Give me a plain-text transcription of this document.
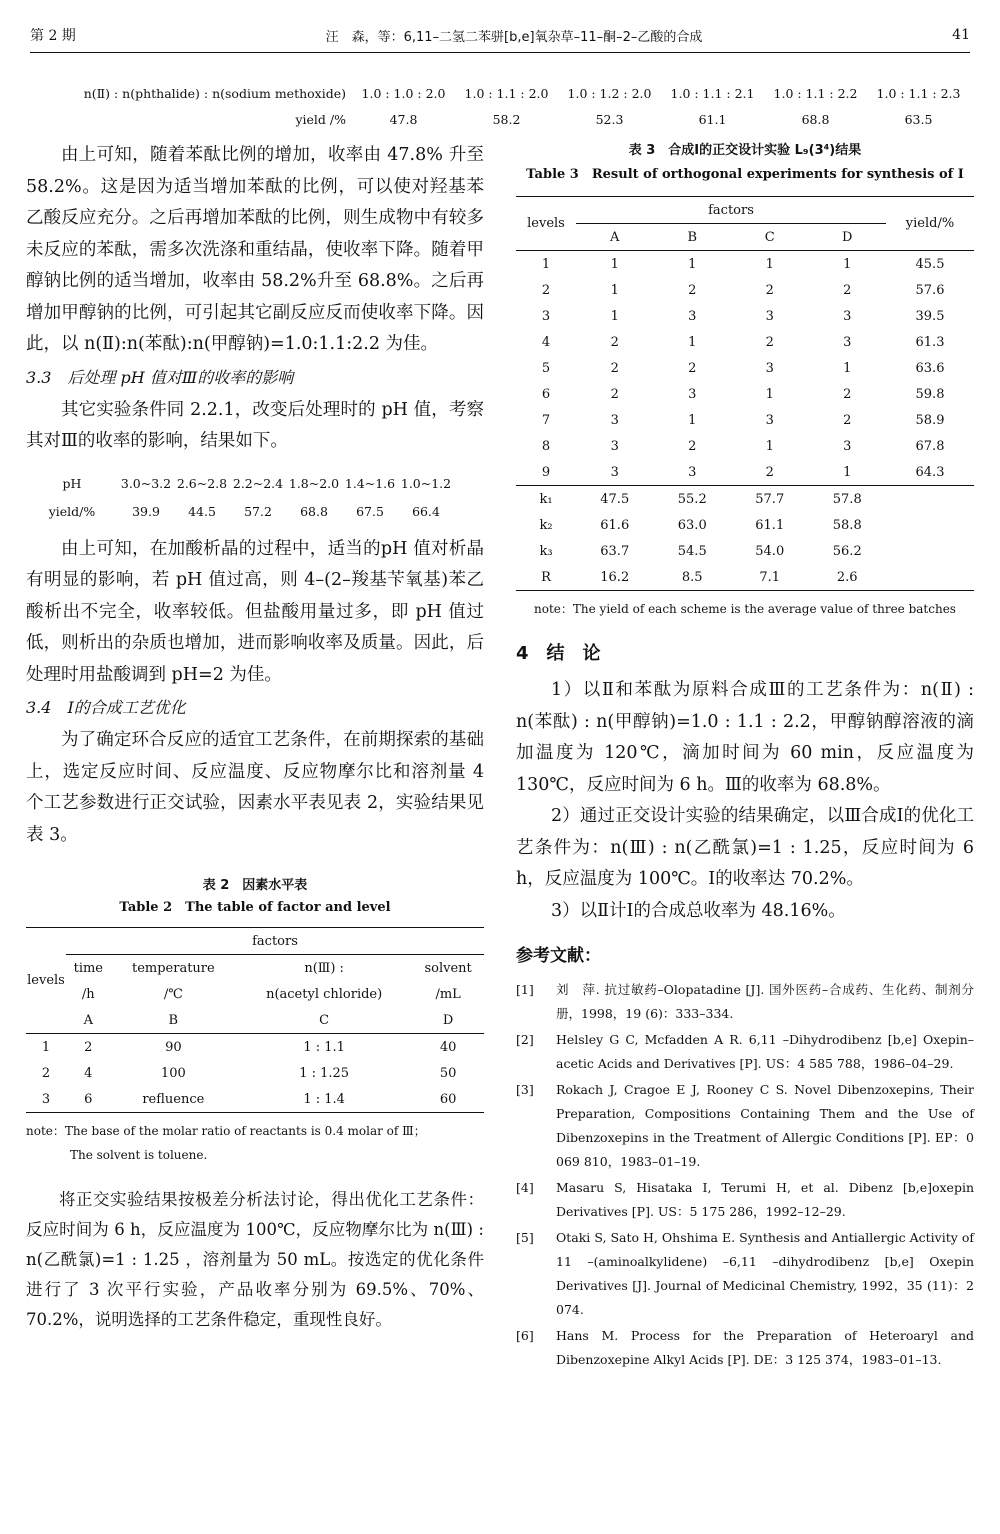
第 2 期	汪　森，等：6,11–二氢二苯骈[b,e]氧杂草–11–酮–2–乙酸的合成	41
n(Ⅱ) : n(phthalide) : n(sodium methoxide)	1.0 : 1.0 : 2.0	1.0 : 1.1 : 2.0	1.0 : 1.2 : 2.0	1.0 : 1.1 : 2.1	1.0 : 1.1 : 2.2	1.0 : 1.1 : 2.3
yield /%	47.8	58.2	52.3	61.1	68.8	63.5

由上可知，随着苯酞比例的增加，收率由 47.8% 升至 58.2%。这是因为适当增加苯酞的比例，可以使对羟基苯乙酸反应充分。之后再增加苯酞的比例，则生成物中有较多未反应的苯酞，需多次洗涤和重结晶，使收率下降。随着甲醇钠比例的适当增加，收率由 58.2%升至 68.8%。之后再增加甲醇钠的比例，可引起其它副反应反而使收率下降。因此，以 n(Ⅱ):n(苯酞):n(甲醇钠)=1.0:1.1:2.2 为佳。

3.3　后处理 pH 值对Ⅲ的收率的影响

其它实验条件同 2.2.1，改变后处理时的 pH 值，考察其对Ⅲ的收率的影响，结果如下。

pH	3.0~3.2 2.6~2.8 2.2~2.4 1.8~2.0 1.4~1.6 1.0~1.2
yield/%	39.9	44.5	57.2	68.8	67.5	66.4

由上可知，在加酸析晶的过程中，适当的pH 值对析晶有明显的影响，若 pH 值过高，则 4–(2–羧基苄氧基)苯乙酸析出不完全，收率较低。但盐酸用量过多，即 pH 值过低，则析出的杂质也增加，进而影响收率及质量。因此，后处理时用盐酸调到 pH=2 为佳。

3.4　Ⅰ的合成工艺优化

为了确定环合反应的适宜工艺条件，在前期探索的基础上，选定反应时间、反应温度、反应物摩尔比和溶剂量 4 个工艺参数进行正交试验，因素水平表见表 2，实验结果见表 3。

表 2　因素水平表
Table 2　The table of factor and level
levels	factors			
	time	temperature	n(Ⅲ) :	solvent
	/h	/℃	n(acetyl chloride)	/mL
	A	B	C	D
1	2	90	1 : 1.1	40
2	4	100	1 : 1.25	50
3	6	refluence	1 : 1.4	60
note：The base of the molar ratio of reactants is 0.4 molar of Ⅲ；
The solvent is toluene.

将正交实验结果按极差分析法讨论，得出优化工艺条件：反应时间为 6 h，反应温度为 100℃，反应物摩尔比为 n(Ⅲ) : n(乙酰氯)=1 : 1.25 ，溶剂量为 50 mL。按选定的优化条件进行了 3 次平行实验，产品收率分别为 69.5%、70%、70.2%，说明选择的工艺条件稳定，重现性良好。

表 3　合成Ⅰ的正交设计实验 L₉(3⁴)结果
Table 3　Result of orthogonal experiments for synthesis of Ⅰ
levels	factors				yield/%
	A	B	C	D	
1	1	1	1	1	45.5
2	1	2	2	2	57.6
3	1	3	3	3	39.5
4	2	1	2	3	61.3
5	2	2	3	1	63.6
6	2	3	1	2	59.8
7	3	1	3	2	58.9
8	3	2	1	3	67.8
9	3	3	2	1	64.3
k₁	47.5	55.2	57.7	57.8	
k₂	61.6	63.0	61.1	58.8	
k₃	63.7	54.5	54.0	56.2	
R	16.2	8.5	7.1	2.6	
note：The yield of each scheme is the average value of three batches
4　结　论

1）以Ⅱ和苯酞为原料合成Ⅲ的工艺条件为：n(Ⅱ) : n(苯酞) : n(甲醇钠)=1.0 : 1.1 : 2.2，甲醇钠醇溶液的滴加温度为 120℃，滴加时间为 60 min，反应温度为 130℃，反应时间为 6 h。Ⅲ的收率为 68.8%。

2）通过正交设计实验的结果确定，以Ⅲ合成Ⅰ的优化工艺条件为：n(Ⅲ) : n(乙酰氯)=1 : 1.25，反应时间为 6 h，反应温度为 100℃。Ⅰ的收率达 70.2%。

3）以Ⅱ计Ⅰ的合成总收率为 48.16%。

参考文献：
[1]	刘　萍. 抗过敏药–Olopatadine [J]. 国外医药–合成药、生化药、制剂分册，1998，19 (6)：333–334.
[2]	Helsley G C, Mcfadden A R. 6,11 –Dihydrodibenz [b,e] Oxepin–acetic Acids and Derivatives [P]. US：4 585 788，1986–04–29.
[3]	Rokach J, Cragoe E J, Rooney C S. Novel Dibenzoxepins, Their Preparation, Compositions Containing Them and the Use of Dibenzoxepins in the Treatment of Allergic Conditions [P]. EP：0 069 810，1983–01–19.
[4]	Masaru S, Hisataka I, Terumi H, et al. Dibenz [b,e]oxepin Derivatives [P]. US：5 175 286，1992–12–29.
[5]	Otaki S, Sato H, Ohshima E. Synthesis and Antiallergic Activity of 11 –(aminoalkylidene) –6,11 –dihydrodibenz [b,e] Oxepin Derivatives [J]. Journal of Medicinal Chemistry, 1992，35 (11)：2 074.
[6]	Hans M. Process for the Preparation of Heteroaryl and Dibenzoxepine Alkyl Acids [P]. DE：3 125 374，1983–01–13.
